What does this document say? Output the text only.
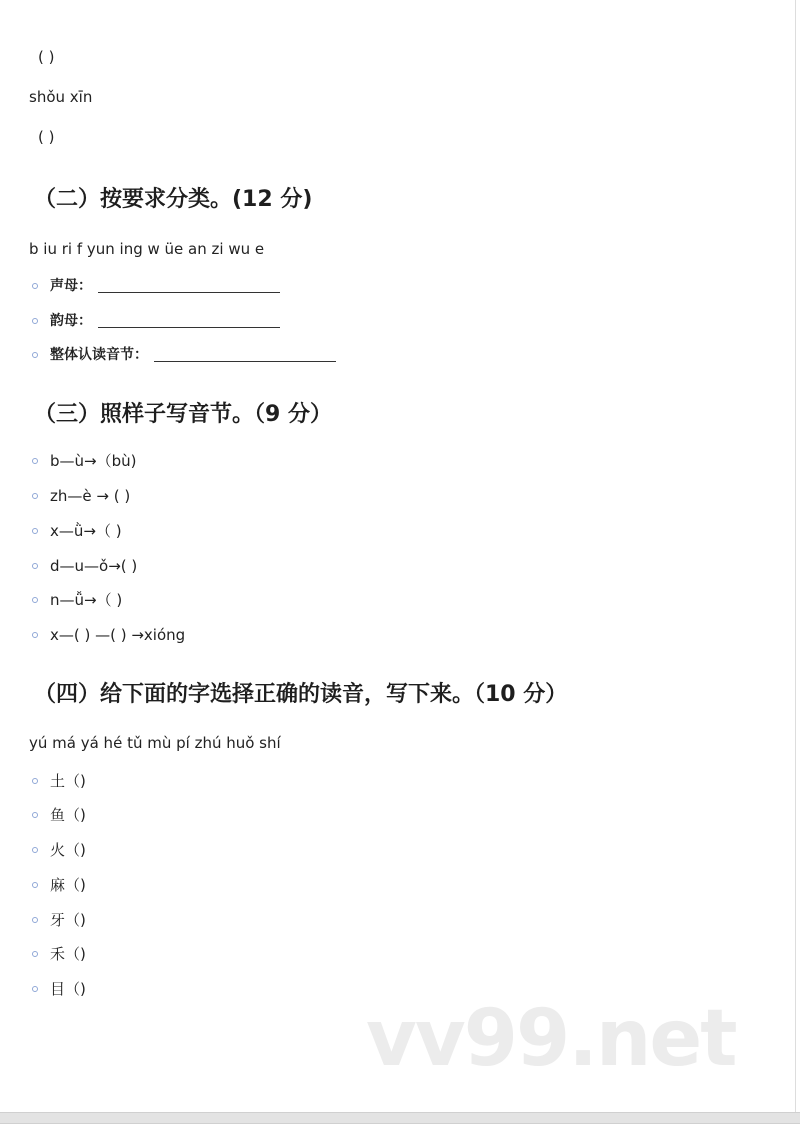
( )
shǒu xīn
( )
（二）按要求分类。(12 分)
b iu ri f yun ing w üe an zi wu e
声母：
韵母：
整体认读音节：
（三）照样子写音节。（9 分）
b—ù→（bù)
zh—è → ( )
x—ǜ→（ )
d—u—ǒ→( )
n—ǚ→（ )
x—( ) —( ) →xióng
（四）给下面的字选择正确的读音，写下来。（10 分）
yú má yá hé tǔ mù pí zhú huǒ shí
土（)
鱼（)
火（)
麻（)
牙（)
禾（)
目（)
vv99.net
